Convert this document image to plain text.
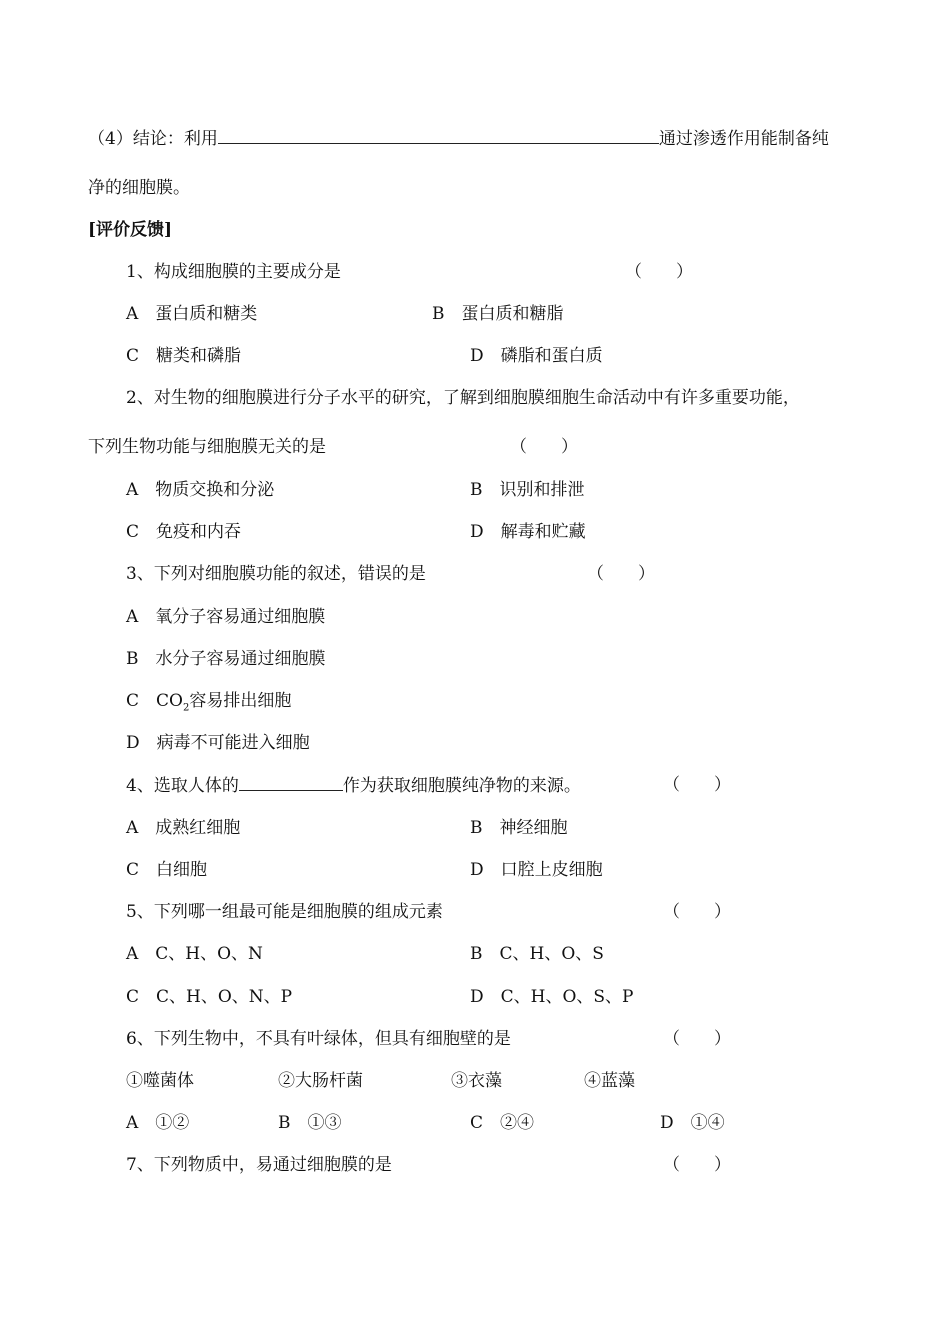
（4）结论：利用	通过渗透作用能制备纯
净的细胞膜。
[评价反馈]
1、构成细胞膜的主要成分是	（　　）
A　蛋白质和糖类	B　蛋白质和糖脂
C　糖类和磷脂	D　磷脂和蛋白质
2、对生物的细胞膜进行分子水平的研究，了解到细胞膜细胞生命活动中有许多重要功能，
下列生物功能与细胞膜无关的是	（　　）
A　物质交换和分泌	B　识别和排泄
C　免疫和内吞	D　解毒和贮藏
3、下列对细胞膜功能的叙述，错误的是	（　　）
A　氧分子容易通过细胞膜
B　水分子容易通过细胞膜
C　$CO_2$容易排出细胞
D　病毒不可能进入细胞
4、选取人体的	作为获取细胞膜纯净物的来源。	（　　）
A　成熟红细胞	B　神经细胞
C　白细胞	D　口腔上皮细胞
5、下列哪一组最可能是细胞膜的组成元素	（　　）
A　C、H、O、N	B　C、H、O、S
C　C、H、O、N、P	D　C、H、O、S、P
6、下列生物中，不具有叶绿体，但具有细胞壁的是	（　　）
①噬菌体	②大肠杆菌	③衣藻	④蓝藻
A　①②	B　①③	C　②④	D　①④
7、下列物质中，易通过细胞膜的是	（　　）
